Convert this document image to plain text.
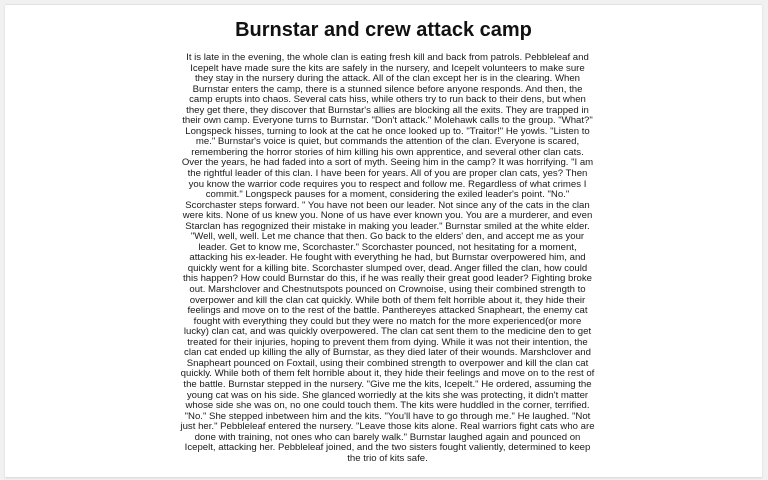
Burnstar and crew attack camp

It is late in the evening, the whole clan is eating fresh kill and back from patrols. Pebbleleaf and Icepelt have made sure the kits are safely in the nursery, and Icepelt volunteers to make sure they stay in the nursery during the attack. All of the clan except her is in the clearing. When Burnstar enters the camp, there is a stunned silence before anyone responds. And then, the camp erupts into chaos. Several cats hiss, while others try to run back to their dens, but when they get there, they discover that Burnstar's allies are blocking all the exits. They are trapped in their own camp. Everyone turns to Burnstar. "Don't attack." Molehawk calls to the group. "What?" Longspeck hisses, turning to look at the cat he once looked up to. "Traitor!" He yowls. "Listen to me." Burnstar's voice is quiet, but commands the attention of the clan. Everyone is scared, remembering the horror stories of him killing his own apprentice, and several other clan cats. Over the years, he had faded into a sort of myth. Seeing him in the camp? It was horrifying. "I am the rightful leader of this clan. I have been for years. All of you are proper clan cats, yes? Then you know the warrior code requires you to respect and follow me. Regardless of what crimes I commit." Longspeck pauses for a moment, considering the exiled leader's point. "No." Scorchaster steps forward. " You have not been our leader. Not since any of the cats in the clan were kits. None of us knew you. None of us have ever known you. You are a murderer, and even Starclan has regognized their mistake in making you leader." Burnstar smiled at the white elder. "Well, well, well. Let me chance that then. Go back to the elders' den, and accept me as your leader. Get to know me, Scorchaster." Scorchaster pounced, not hesitating for a moment, attacking his ex-leader. He fought with everything he had, but Burnstar overpowered him, and quickly went for a killing bite. Scorchaster slumped over, dead. Anger filled the clan, how could this happen? How could Burnstar do this, if he was really their great good leader? Fighting broke out. Marshclover and Chestnutspots pounced on Crownoise, using their combined strength to overpower and kill the clan cat quickly. While both of them felt horrible about it, they hide their feelings and move on to the rest of the battle. Panthereyes attacked Snapheart, the enemy cat fought with everything they could but they were no match for the more experienced(or more lucky) clan cat, and was quickly overpowered. The clan cat sent them to the medicine den to get treated for their injuries, hoping to prevent them from dying. While it was not their intention, the clan cat ended up killing the ally of Burnstar, as they died later of their wounds. Marshclover and Snapheart pounced on Foxtail, using their combined strength to overpower and kill the clan cat quickly. While both of them felt horrible about it, they hide their feelings and move on to the rest of the battle. Burnstar stepped in the nursery. "Give me the kits, Icepelt." He ordered, assuming the young cat was on his side. She glanced worriedly at the kits she was protecting, it didn't matter whose side she was on, no one could touch them. The kits were huddled in the corner, terrified. "No." She stepped inbetween him and the kits. "You'll have to go through me." He laughed. "Not just her." Pebbleleaf entered the nursery. "Leave those kits alone. Real warriors fight cats who are done with training, not ones who can barely walk." Burnstar laughed again and pounced on Icepelt, attacking her. Pebbleleaf joined, and the two sisters fought valiently, determined to keep the trio of kits safe.
